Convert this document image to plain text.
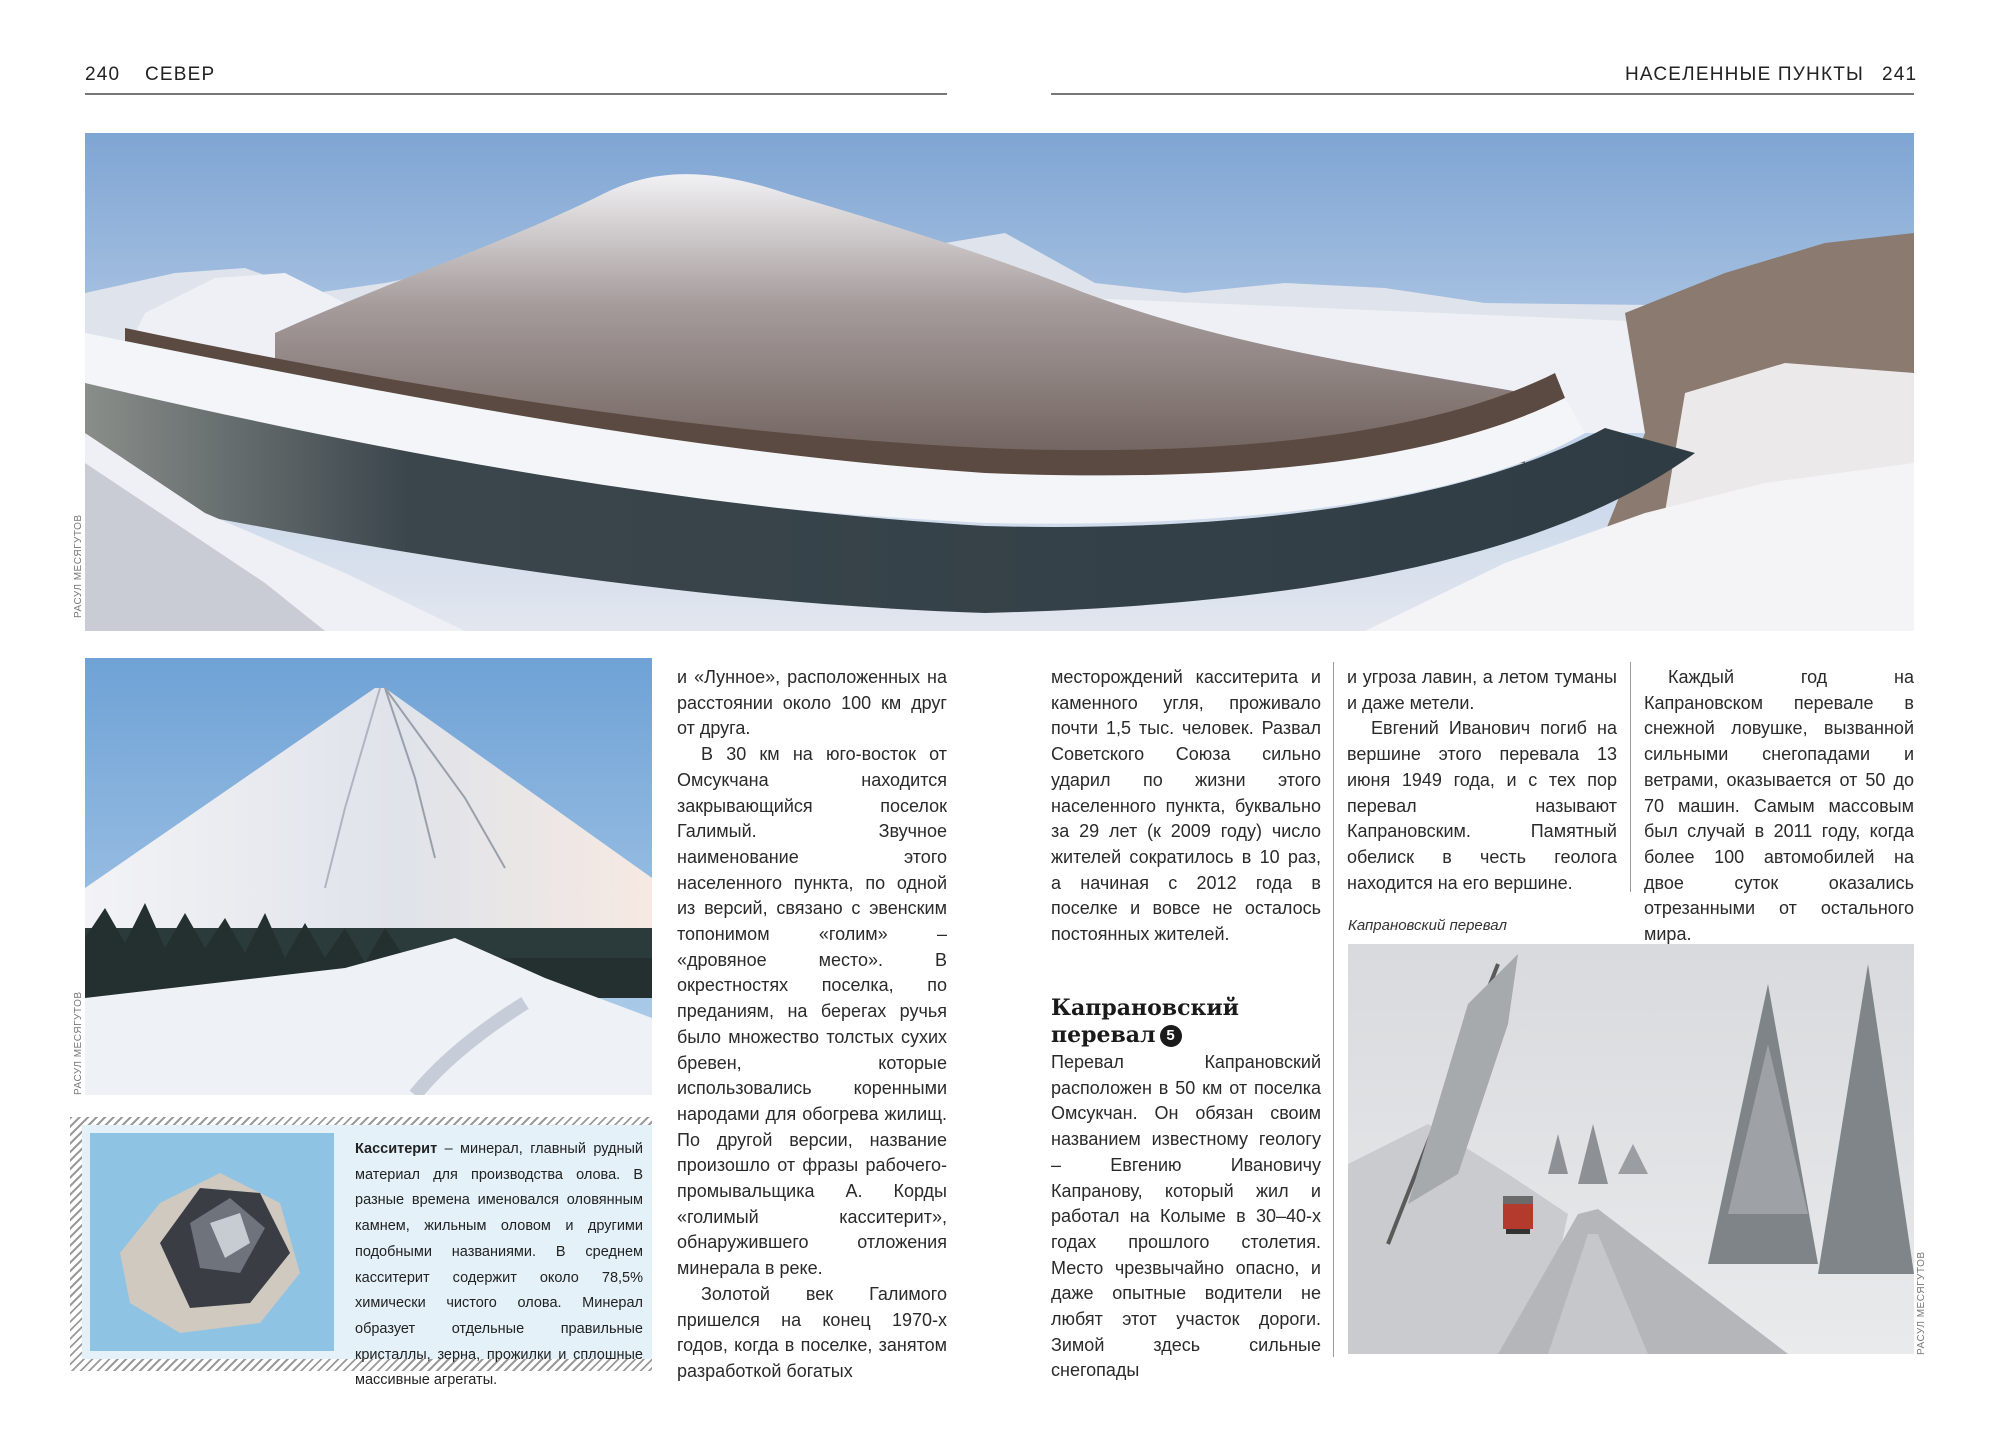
240 СЕВЕР	НАСЕЛЕННЫЕ ПУНКТЫ 241
РАСУЛ МЕСЯГУТОВ
РАСУЛ МЕСЯГУТОВ
Касситерит – минерал, главный рудный материал для производства олова. В разные времена именовался оловянным камнем, жильным оловом и другими подобными названиями. В среднем касситерит содержит около 78,5% химически чистого олова. Минерал образует отдельные правильные кристаллы, зерна, прожилки и сплошные массивные агрегаты.

и «Лунное», расположенных на расстоянии около 100 км друг от друга.

В 30 км на юго-восток от Омсукчана находится закрывающийся поселок Галимый. Звучное наименование этого населенного пункта, по одной из версий, связано с эвенским топонимом «голим» – «дровяное место». В окрестностях поселка, по преданиям, на берегах ручья было множество толстых сухих бревен, которые использовались коренными народами для обогрева жилищ. По другой версии, название произошло от фразы рабочего-промывальщика А. Корды «голимый касситерит», обнаружившего отложения минерала в реке.

Золотой век Галимого пришелся на конец 1970-х годов, когда в поселке, занятом разработкой богатых

месторождений касситерита и каменного угля, проживало почти 1,5 тыс. человек. Развал Советского Союза сильно ударил по жизни этого населенного пункта, буквально за 29 лет (к 2009 году) число жителей сократилось в 10 раз, а начиная с 2012 года в поселке и вовсе не осталось постоянных жителей.

Капрановский
перевал 5

Перевал Капрановский расположен в 50 км от поселка Омсукчан. Он обязан своим названием известному геологу – Евгению Ивановичу Капранову, который жил и работал на Колыме в 30–40-х годах прошлого столетия. Место чрезвычайно опасно, и даже опытные водители не любят этот участок дороги. Зимой здесь сильные снегопады

и угроза лавин, а летом туманы и даже метели.

Евгений Иванович погиб на вершине этого перевала 13 июня 1949 года, и с тех пор перевал называют Капрановским. Памятный обелиск в честь геолога находится на его вершине.

Каждый год на Капрановском перевале в снежной ловушке, вызванной сильными снегопадами и ветрами, оказывается от 50 до 70 машин. Самым массовым был случай в 2011 году, когда более 100 автомобилей на двое суток оказались отрезанными от остального мира.

Капрановский перевал
РАСУЛ МЕСЯГУТОВ
